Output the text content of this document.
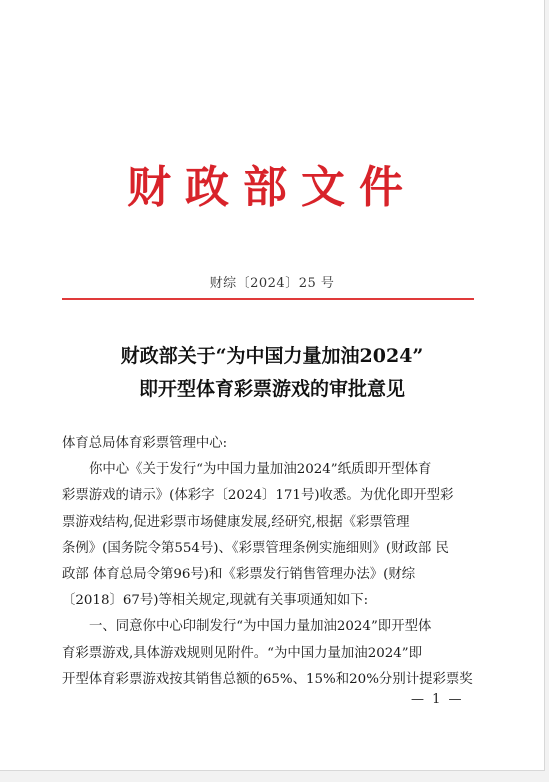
财政部文件
财综〔2024〕25 号
财政部关于“为中国力量加油2024”
即开型体育彩票游戏的审批意见
体育总局体育彩票管理中心:
你中心《关于发行“为中国力量加油2024”纸质即开型体育
彩票游戏的请示》(体彩字〔2024〕171号)收悉。为优化即开型彩
票游戏结构,促进彩票市场健康发展,经研究,根据《彩票管理
条例》(国务院令第554号)、《彩票管理条例实施细则》(财政部 民
政部 体育总局令第96号)和《彩票发行销售管理办法》(财综
〔2018〕67号)等相关规定,现就有关事项通知如下:
一、同意你中心印制发行“为中国力量加油2024”即开型体
育彩票游戏,具体游戏规则见附件。“为中国力量加油2024”即
开型体育彩票游戏按其销售总额的65%、15%和20%分别计提彩票奖
— 1 —
